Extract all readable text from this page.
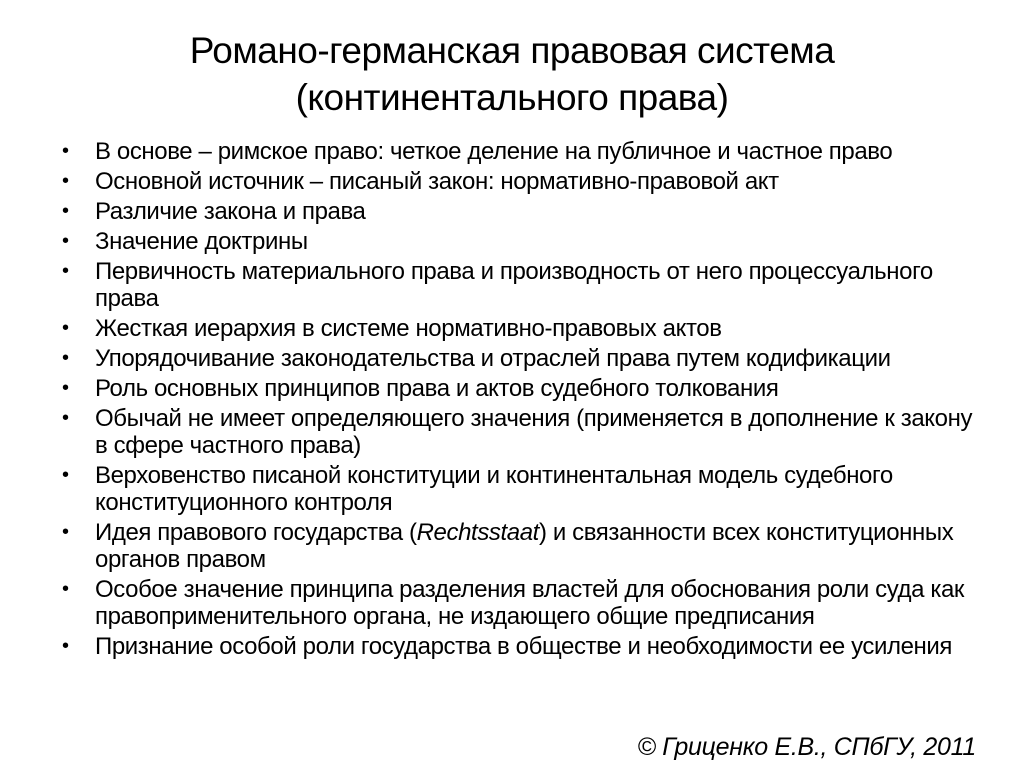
Романо-германская правовая система
(континентального права)
• В основе – римское право: четкое деление на публичное и частное право
• Основной источник – писаный закон: нормативно-правовой акт
• Различие закона и права
• Значение доктрины
• Первичность материального права и производность от него процессуального права
• Жесткая иерархия в системе нормативно-правовых актов
• Упорядочивание законодательства и отраслей права путем кодификации
• Роль основных принципов права и актов судебного толкования
• Обычай не имеет определяющего значения (применяется в дополнение к закону в сфере частного права)
• Верховенство писаной конституции и континентальная модель судебного конституционного контроля
• Идея правового государства (Rechtsstaat) и связанности всех конституционных органов правом
• Особое значение принципа разделения властей для обоснования роли суда как правоприменительного органа, не издающего общие предписания
• Признание особой роли государства в обществе и необходимости ее усиления
© Гриценко Е.В., СПбГУ, 2011
